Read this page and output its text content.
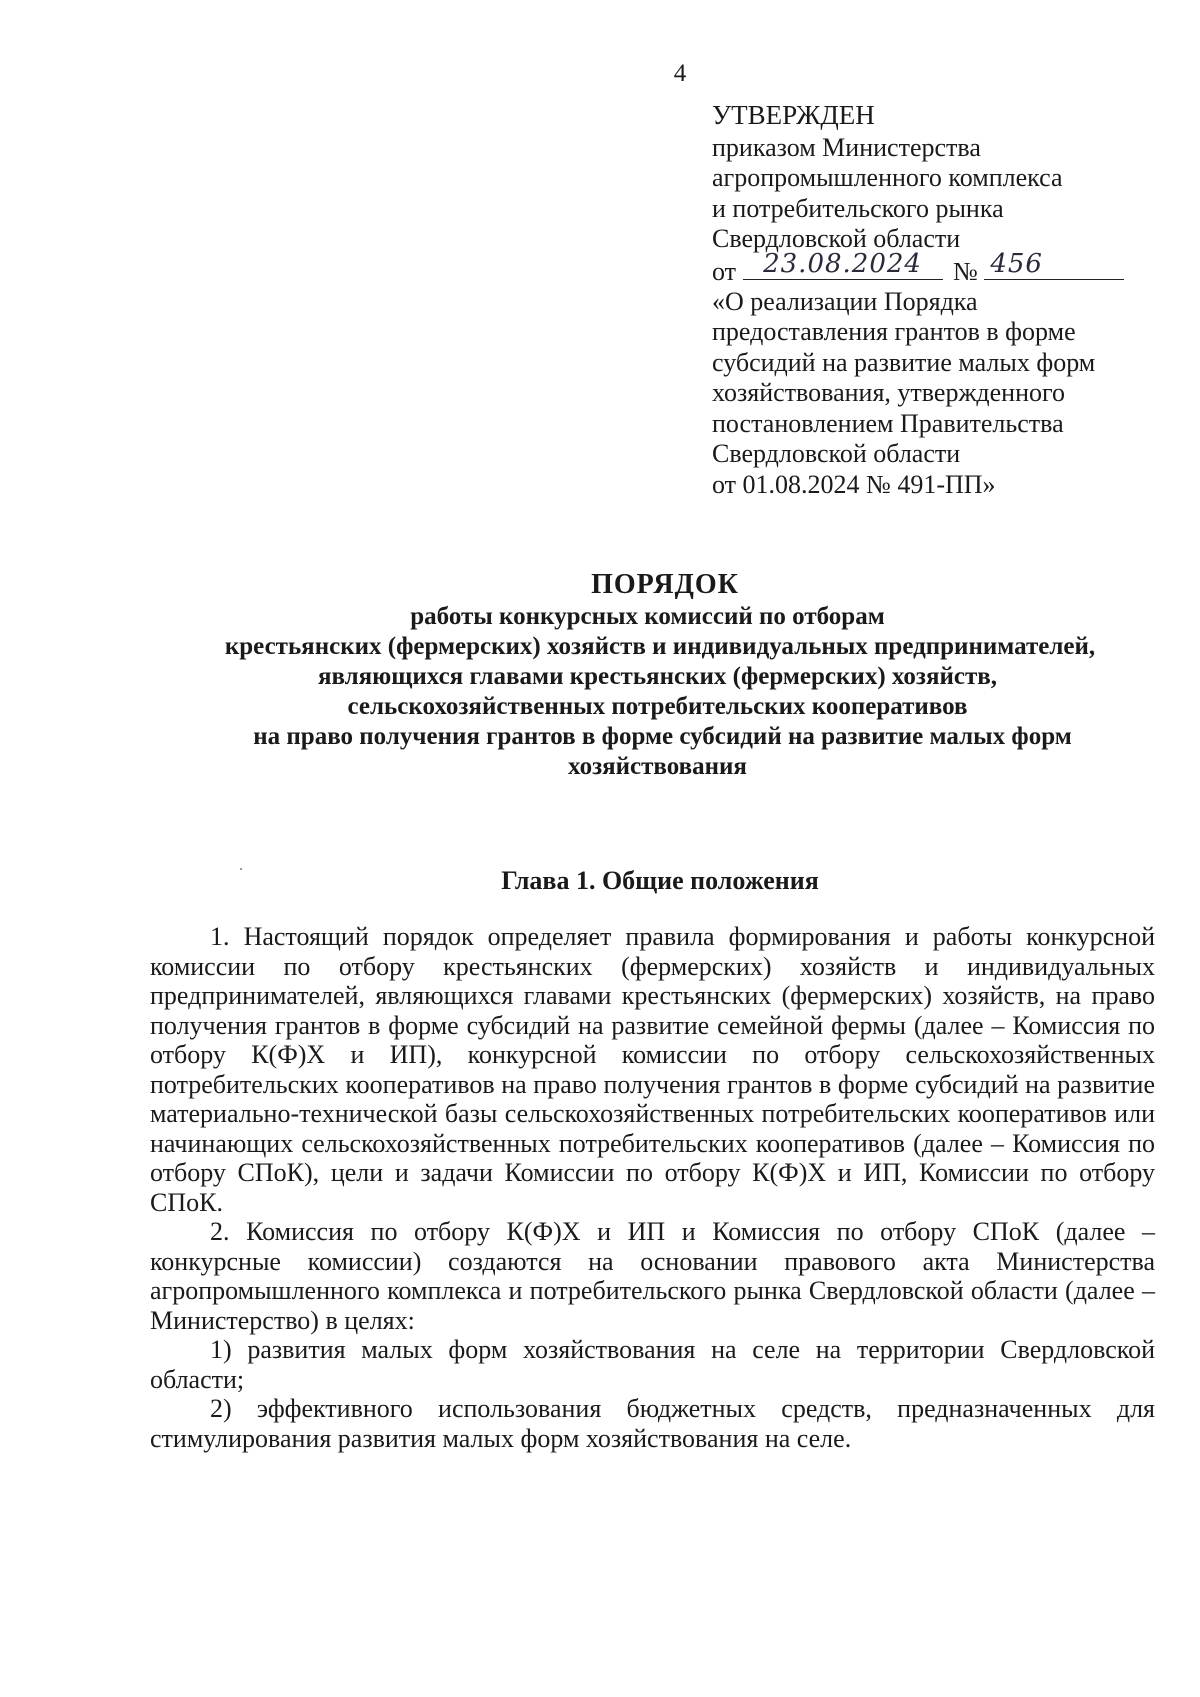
4
УТВЕРЖДЕН
приказом Министерства
агропромышленного комплекса
и потребительского рынка
Свердловской области
от	23.08.2024	№ 456
«О реализации Порядка
предоставления грантов в форме
субсидий на развитие малых форм
хозяйствования, утвержденного
постановлением Правительства
Свердловской области
от 01.08.2024 № 491-ПП»
ПОРЯДОК
работы конкурсных комиссий по отборам
крестьянских (фермерских) хозяйств и индивидуальных предпринимателей,
являющихся главами крестьянских (фермерских) хозяйств,
сельскохозяйственных потребительских кооперативов
на право получения грантов в форме субсидий на развитие малых форм
хозяйствования
Глава 1. Общие положения

1. Настоящий порядок определяет правила формирования и работы конкурсной комиссии по отбору крестьянских (фермерских) хозяйств и индивидуальных предпринимателей, являющихся главами крестьянских (фермерских) хозяйств, на право получения грантов в форме субсидий на развитие семейной фермы (далее – Комиссия по отбору К(Ф)Х и ИП), конкурсной комиссии по отбору сельскохозяйственных потребительских кооперативов на право получения грантов в форме субсидий на развитие материально-технической базы сельскохозяйственных потребительских кооперативов или начинающих сельскохозяйственных потребительских кооперативов (далее – Комиссия по отбору СПоК), цели и задачи Комиссии по отбору К(Ф)Х и ИП, Комиссии по отбору СПоК.

2. Комиссия по отбору К(Ф)Х и ИП и Комиссия по отбору СПоК (далее – конкурсные комиссии) создаются на основании правового акта Министерства агропромышленного комплекса и потребительского рынка Свердловской области (далее – Министерство) в целях:

1) развития малых форм хозяйствования на селе на территории Свердловской области;

2) эффективного использования бюджетных средств, предназначенных для стимулирования развития малых форм хозяйствования на селе.
